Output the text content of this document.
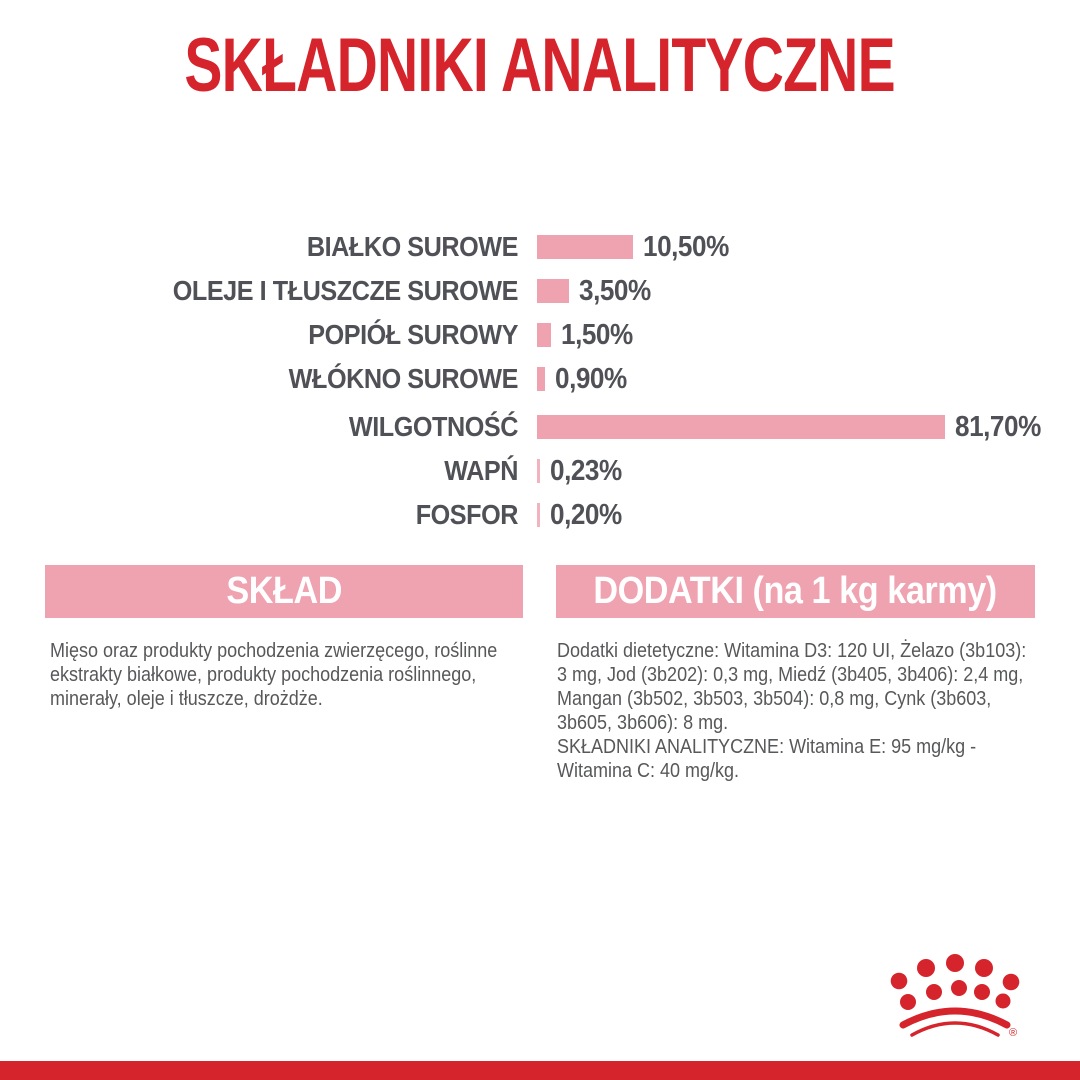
SKŁADNIKI ANALITYCZNE
BIAŁKO SUROWE	10,50%
OLEJE I TŁUSZCZE SUROWE 3,50%
POPIÓŁ SUROWY 1,50%
WŁÓKNO SUROWE 0,90%
WILGOTNOŚĆ	81,70%
WAPŃ 0,23%
FOSFOR 0,20%
SKŁAD	DODATKI (na 1 kg karmy)

Mięso oraz produkty pochodzenia zwierzęcego, roślinne ekstrakty białkowe, produkty pochodzenia roślinnego, minerały, oleje i tłuszcze, drożdże.

Dodatki dietetyczne: Witamina D3: 120 UI, Żelazo (3b103): 3 mg, Jod (3b202): 0,3 mg, Miedź (3b405, 3b406): 2,4 mg, Mangan (3b502, 3b503, 3b504): 0,8 mg, Cynk (3b603, 3b605, 3b606): 8 mg.

SKŁADNIKI ANALITYCZNE: Witamina E: 95 mg/kg - Witamina C: 40 mg/kg.

®
